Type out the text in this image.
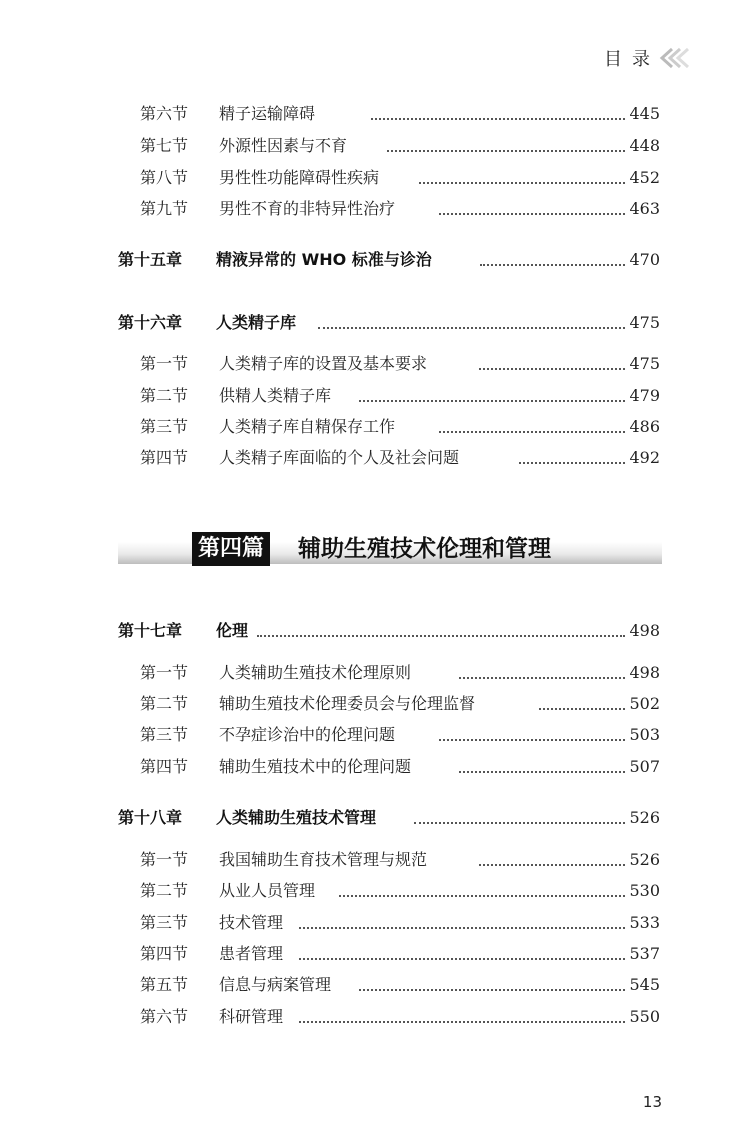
目录
第六节 精子运输障碍	445
第七节 外源性因素与不育	448
第八节 男性性功能障碍性疾病	452
第九节 男性不育的非特异性治疗	463
第十五章 精液异常的 WHO 标准与诊治	470
第十六章 人类精子库	475
第一节 人类精子库的设置及基本要求	475
第二节 供精人类精子库	479
第三节 人类精子库自精保存工作	486
第四节 人类精子库面临的个人及社会问题	492
第四篇 辅助生殖技术伦理和管理
第十七章 伦理	498
第一节 人类辅助生殖技术伦理原则	498
第二节 辅助生殖技术伦理委员会与伦理监督	502
第三节 不孕症诊治中的伦理问题	503
第四节 辅助生殖技术中的伦理问题	507
第十八章 人类辅助生殖技术管理	526
第一节 我国辅助生育技术管理与规范	526
第二节 从业人员管理	530
第三节 技术管理	533
第四节 患者管理	537
第五节 信息与病案管理	545
第六节 科研管理	550
13
